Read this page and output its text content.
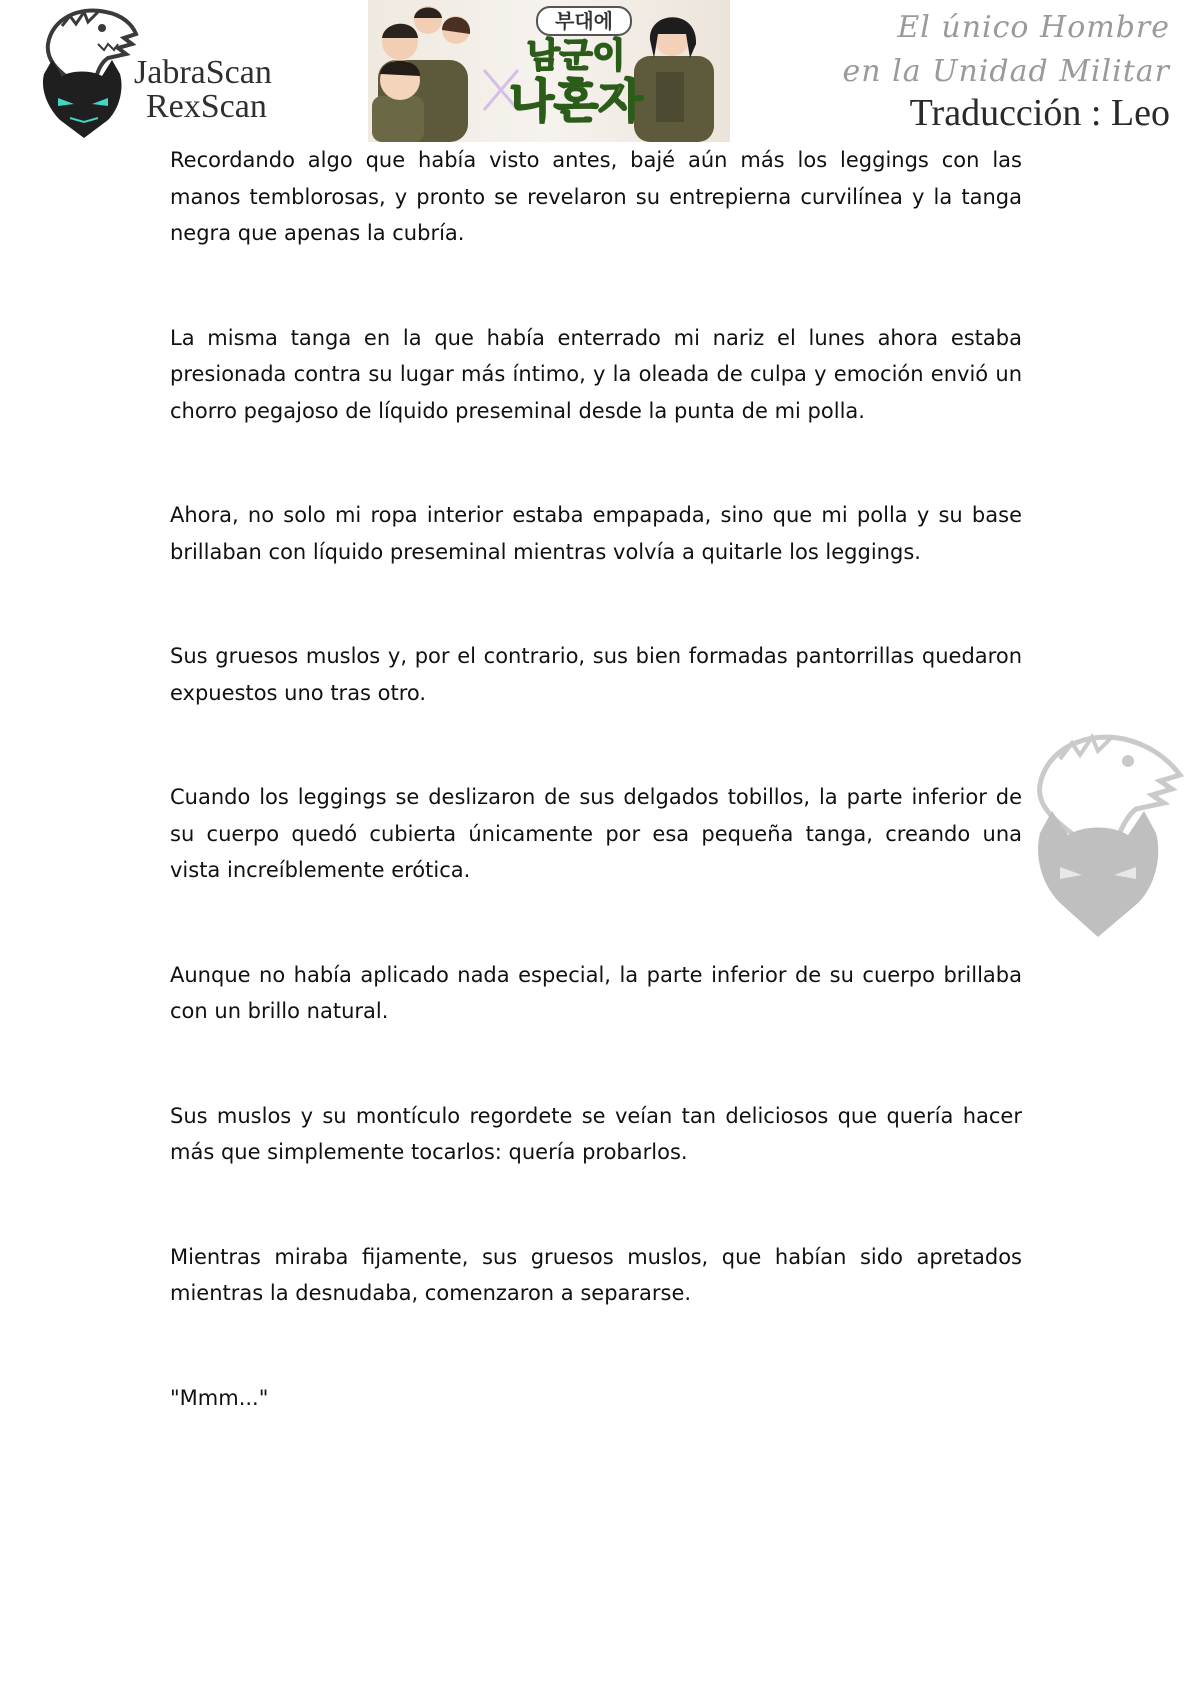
JabraScan
RexScan
부대에
남군이
나혼자
El único Hombre
en la Unidad Militar
Traducción : Leo

Recordando algo que había visto antes, bajé aún más los leggings con las manos temblorosas, y pronto se revelaron su entrepierna curvilínea y la tanga negra que apenas la cubría.

La misma tanga en la que había enterrado mi nariz el lunes ahora estaba presionada contra su lugar más íntimo, y la oleada de culpa y emoción envió un chorro pegajoso de líquido preseminal desde la punta de mi polla.

Ahora, no solo mi ropa interior estaba empapada, sino que mi polla y su base brillaban con líquido preseminal mientras volvía a quitarle los leggings.

Sus gruesos muslos y, por el contrario, sus bien formadas pantorrillas quedaron expuestos uno tras otro.

Cuando los leggings se deslizaron de sus delgados tobillos, la parte inferior de su cuerpo quedó cubierta únicamente por esa pequeña tanga, creando una vista increíblemente erótica.

Aunque no había aplicado nada especial, la parte inferior de su cuerpo brillaba con un brillo natural.

Sus muslos y su montículo regordete se veían tan deliciosos que quería hacer más que simplemente tocarlos: quería probarlos.

Mientras miraba fijamente, sus gruesos muslos, que habían sido apretados mientras la desnudaba, comenzaron a separarse.

"Mmm..."
